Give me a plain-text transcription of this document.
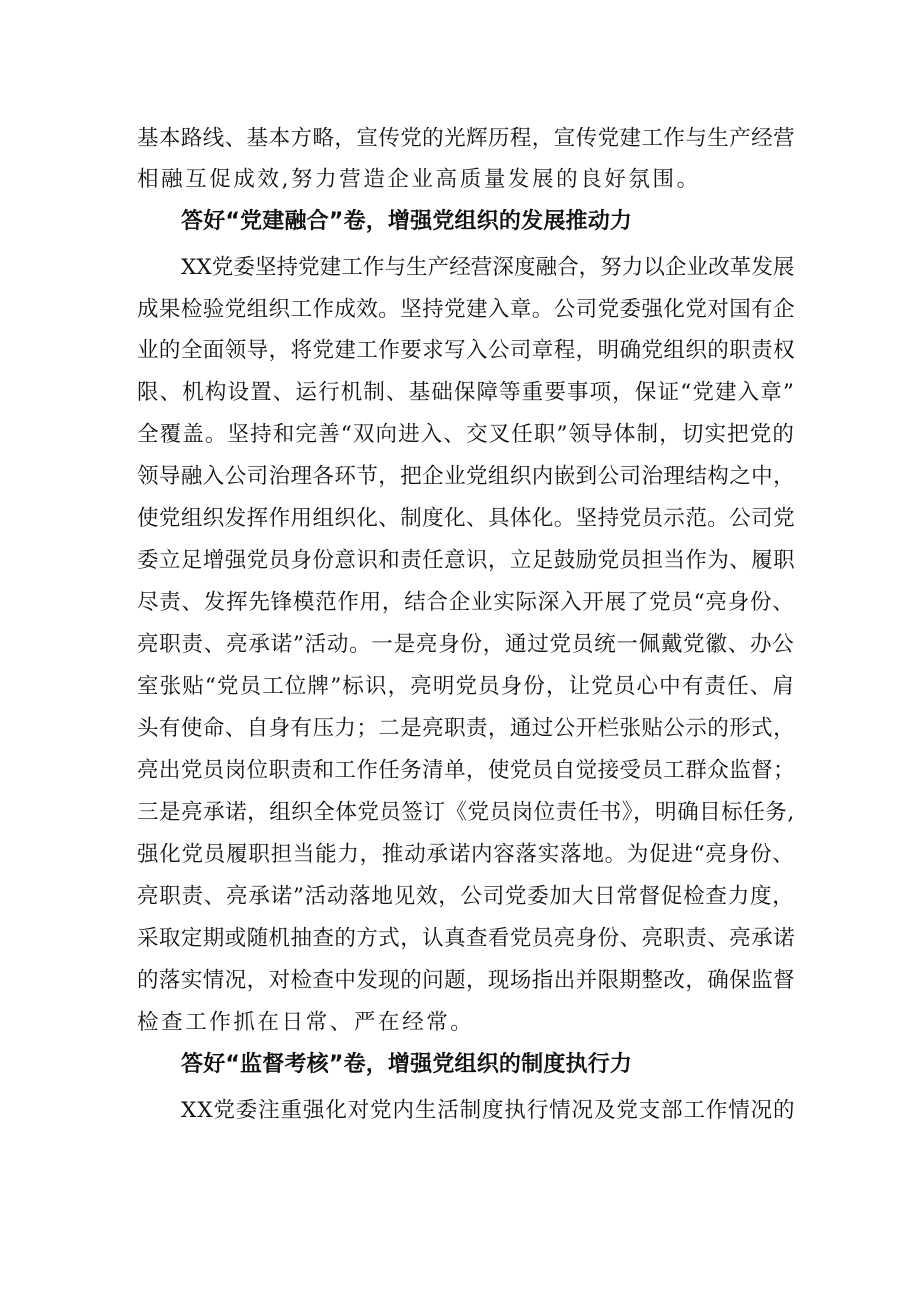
基本路线、基本方略，宣传党的光辉历程，宣传党建工作与生产经营
相融互促成效,努力营造企业高质量发展的良好氛围。
答好“党建融合”卷，增强党组织的发展推动力
XX党委坚持党建工作与生产经营深度融合，努力以企业改革发展
成果检验党组织工作成效。坚持党建入章。公司党委强化党对国有企
业的全面领导，将党建工作要求写入公司章程，明确党组织的职责权
限、机构设置、运行机制、基础保障等重要事项，保证“党建入章”
全覆盖。坚持和完善“双向进入、交叉任职”领导体制，切实把党的
领导融入公司治理各环节，把企业党组织内嵌到公司治理结构之中，
使党组织发挥作用组织化、制度化、具体化。坚持党员示范。公司党
委立足增强党员身份意识和责任意识，立足鼓励党员担当作为、履职
尽责、发挥先锋模范作用，结合企业实际深入开展了党员“亮身份、
亮职责、亮承诺”活动。一是亮身份，通过党员统一佩戴党徽、办公
室张贴“党员工位牌”标识，亮明党员身份，让党员心中有责任、肩
头有使命、自身有压力；二是亮职责，通过公开栏张贴公示的形式，
亮出党员岗位职责和工作任务清单，使党员自觉接受员工群众监督；
三是亮承诺，组织全体党员签订《党员岗位责任书》，明确目标任务,
强化党员履职担当能力，推动承诺内容落实落地。为促进“亮身份、
亮职责、亮承诺”活动落地见效，公司党委加大日常督促检查力度，
采取定期或随机抽查的方式，认真查看党员亮身份、亮职责、亮承诺
的落实情况，对检查中发现的问题，现场指出并限期整改，确保监督
检查工作抓在日常、严在经常。
答好“监督考核”卷，增强党组织的制度执行力
XX党委注重强化对党内生活制度执行情况及党支部工作情况的
